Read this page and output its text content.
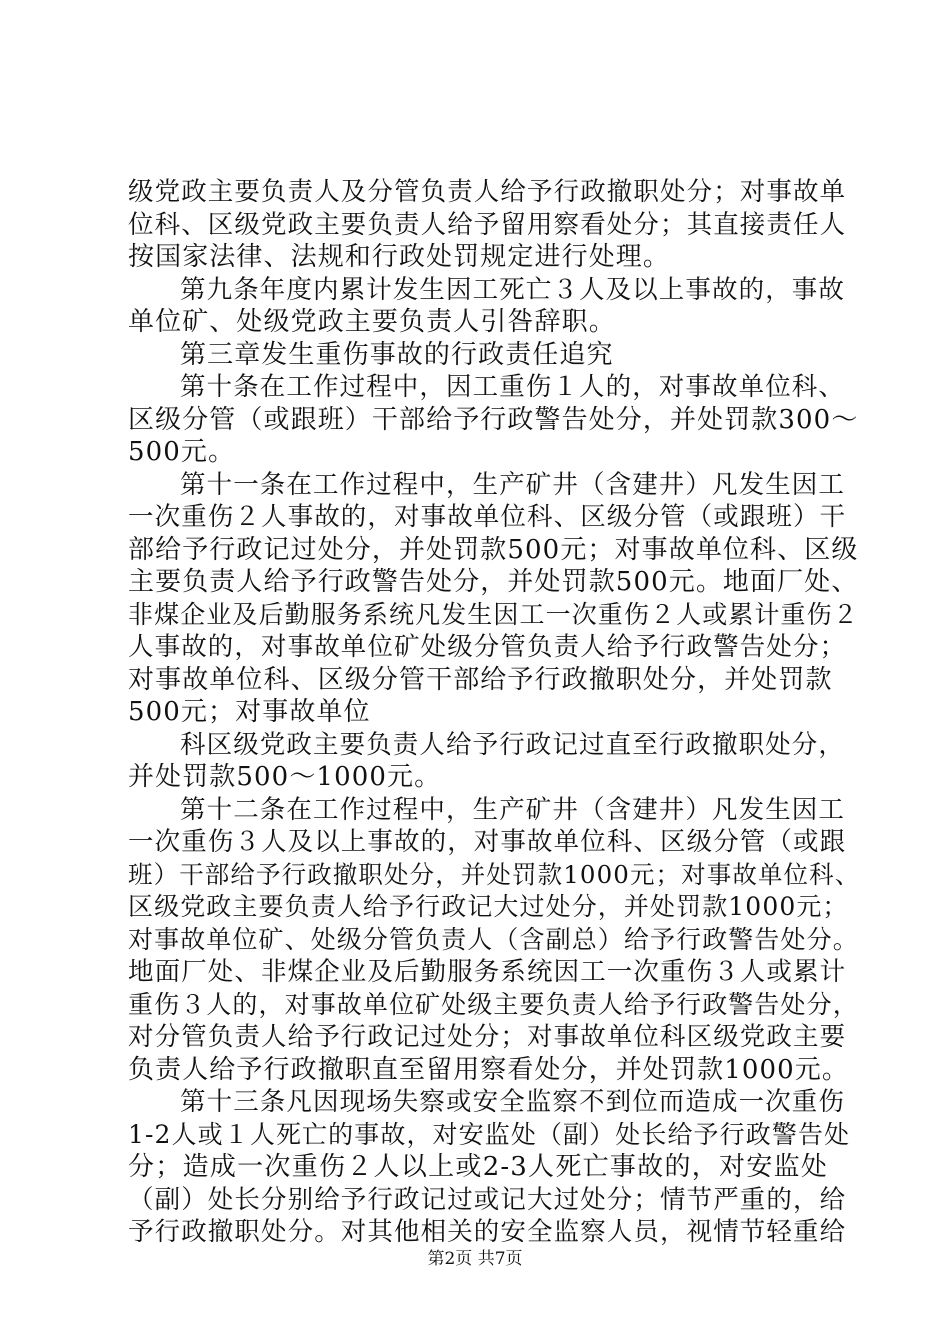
级党政主要负责人及分管负责人给予行政撤职处分；对事故单
位科、区级党政主要负责人给予留用察看处分；其直接责任人
按国家法律、法规和行政处罚规定进行处理。
第九条年度内累计发生因工死亡３人及以上事故的，事故
单位矿、处级党政主要负责人引咎辞职。
第三章发生重伤事故的行政责任追究
第十条在工作过程中，因工重伤１人的，对事故单位科、
区级分管（或跟班）干部给予行政警告处分，并处罚款300～
500元。
第十一条在工作过程中，生产矿井（含建井）凡发生因工
一次重伤２人事故的，对事故单位科、区级分管（或跟班）干
部给予行政记过处分，并处罚款500元；对事故单位科、区级
主要负责人给予行政警告处分，并处罚款500元。地面厂处、
非煤企业及后勤服务系统凡发生因工一次重伤２人或累计重伤２
人事故的，对事故单位矿处级分管负责人给予行政警告处分；
对事故单位科、区级分管干部给予行政撤职处分，并处罚款
500元；对事故单位
科区级党政主要负责人给予行政记过直至行政撤职处分，
并处罚款500～1000元。
第十二条在工作过程中，生产矿井（含建井）凡发生因工
一次重伤３人及以上事故的，对事故单位科、区级分管（或跟
班）干部给予行政撤职处分，并处罚款1000元；对事故单位科、
区级党政主要负责人给予行政记大过处分，并处罚款1000元；
对事故单位矿、处级分管负责人（含副总）给予行政警告处分。
地面厂处、非煤企业及后勤服务系统因工一次重伤３人或累计
重伤３人的，对事故单位矿处级主要负责人给予行政警告处分，
对分管负责人给予行政记过处分；对事故单位科区级党政主要
负责人给予行政撤职直至留用察看处分，并处罚款1000元。
第十三条凡因现场失察或安全监察不到位而造成一次重伤
1-2人或１人死亡的事故，对安监处（副）处长给予行政警告处
分；造成一次重伤２人以上或2-3人死亡事故的，对安监处
（副）处长分别给予行政记过或记大过处分；情节严重的，给
予行政撤职处分。对其他相关的安全监察人员，视情节轻重给
第2页 共7页
